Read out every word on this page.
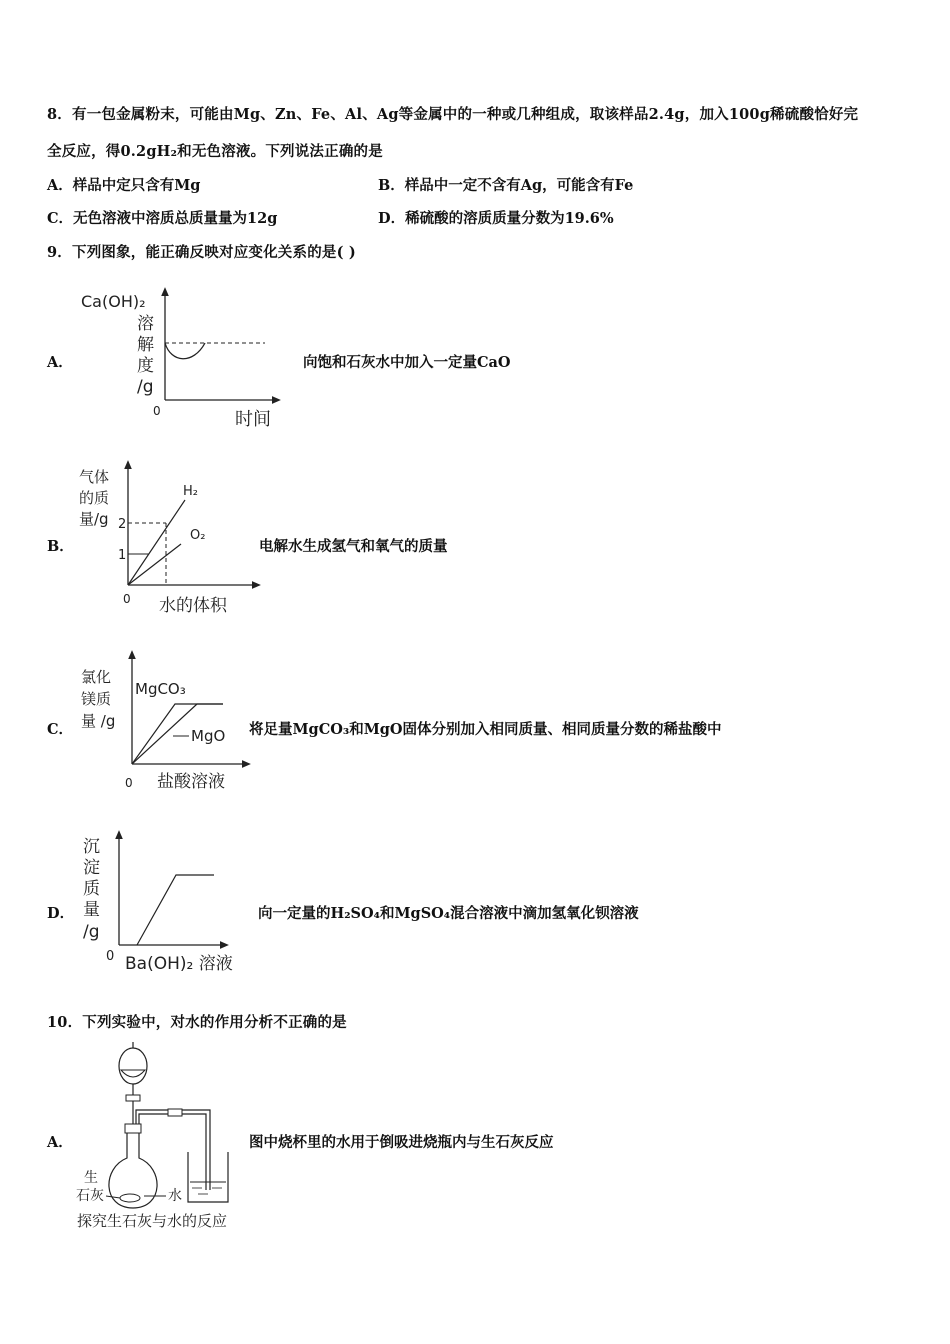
8．有一包金属粉末，可能由Mg、Zn、Fe、Al、Ag等金属中的一种或几种组成，取该样品2.4g，加入100g稀硫酸恰好完
全反应，得0.2gH₂和无色溶液。下列说法正确的是
A．样品中定只含有Mg	B．样品中一定不含有Ag，可能含有Fe
C．无色溶液中溶质总质量量为12g	D．稀硫酸的溶质质量分数为19.6%
9．下列图象，能正确反映对应变化关系的是( )
A．
Ca(OH)₂
溶
解
度
/g
0	时间
向饱和石灰水中加入一定量CaO
B．
气体
的质
量/g 2
1
H₂
O₂
0 水的体积
电解水生成氢气和氧气的质量
C．
氯化
镁质
量 /g
MgCO₃
MgO
0 盐酸溶液
将足量MgCO₃和MgO固体分别加入相同质量、相同质量分数的稀盐酸中
D．
沉
淀
质
量
/g
0 Ba(OH)₂ 溶液
向一定量的H₂SO₄和MgSO₄混合溶液中滴加氢氧化钡溶液
10．下列实验中，对水的作用分析不正确的是
A．
生
石灰	水
探究生石灰与水的反应
图中烧杯里的水用于倒吸进烧瓶内与生石灰反应
